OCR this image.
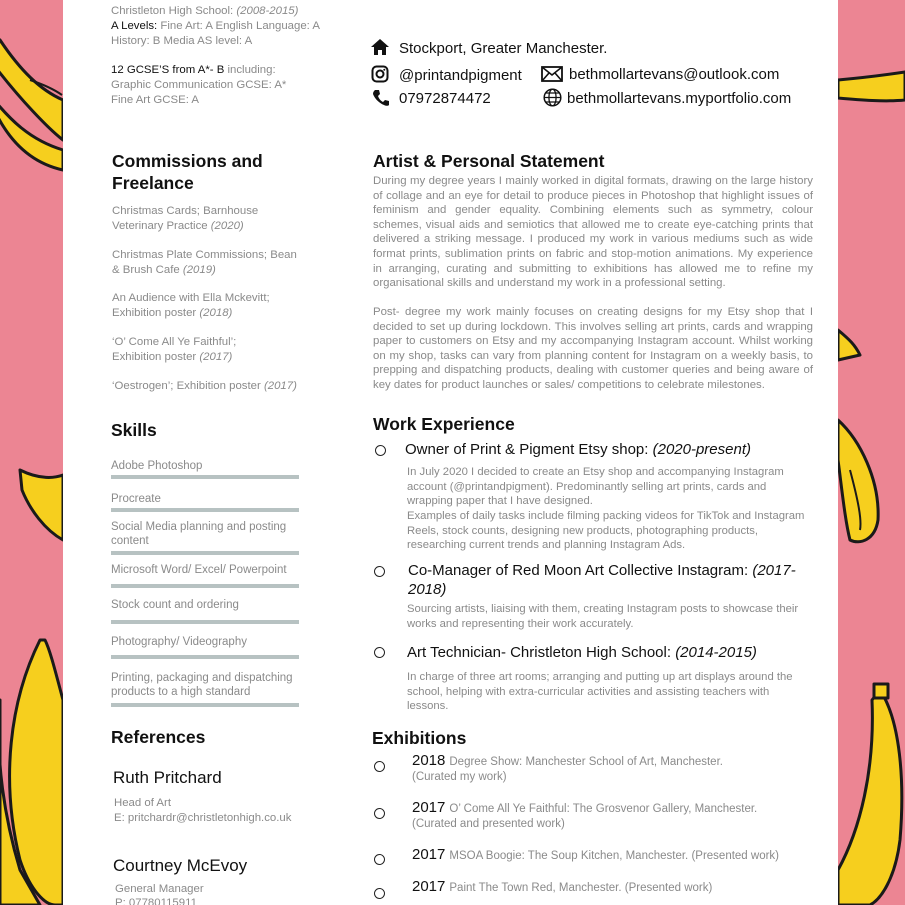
Christleton High School: (2008-2015)
A Levels: Fine Art: A English Language: A
History: B Media AS level: A
12 GCSE’S from A*- B including:
Graphic Communication GCSE: A*
Fine Art GCSE: A
Stockport, Greater Manchester.
@printandpigment	bethmollartevans@outlook.com
07972874472	bethmollartevans.myportfolio.com
Commissions and
Freelance
Christmas Cards; Barnhouse
Veterinary Practice (2020)
Christmas Plate Commissions; Bean
& Brush Cafe (2019)
An Audience with Ella Mckevitt;
Exhibition poster (2018)
‘O’ Come All Ye Faithful’;
Exhibition poster (2017)
‘Oestrogen’; Exhibition poster (2017)
Skills
Adobe Photoshop
Procreate
Social Media planning and posting content
Microsoft Word/ Excel/ Powerpoint
Stock count and ordering
Photography/ Videography
Printing, packaging and dispatching products to a high standard
References
Ruth Pritchard
Head of Art
E: pritchardr@christletonhigh.co.uk
Courtney McEvoy
General Manager
P: 07780115911
Artist & Personal Statement
During my degree years I mainly worked in digital formats, drawing on the large history of collage and an eye for detail to produce pieces in Photoshop that highlight issues of feminism and gender equality. Combining elements such as symmetry, colour schemes, visual aids and semiotics that allowed me to create eye-catching prints that delivered a striking message. I produced my work in various mediums such as wide format prints, sublimation prints on fabric and stop-motion animations. My experience in arranging, curating and submitting to exhibitions has allowed me to refine my organisational skills and understand my work in a professional setting.
Post- degree my work mainly focuses on creating designs for my Etsy shop that I decided to set up during lockdown. This involves selling art prints, cards and wrapping paper to customers on Etsy and my accompanying Instagram account. Whilst working on my shop, tasks can vary from planning content for Instagram on a weekly basis, to prepping and dispatching products, dealing with customer queries and being aware of key dates for product launches or sales/ competitions to celebrate milestones.
Work Experience
Owner of Print & Pigment Etsy shop: (2020-present)
In July 2020 I decided to create an Etsy shop and accompanying Instagram account (@printandpigment). Predominantly selling art prints, cards and wrapping paper that I have designed.
Examples of daily tasks include filming packing videos for TikTok and Instagram Reels, stock counts, designing new products, photographing products, researching current trends and planning Instagram Ads.
Co-Manager of Red Moon Art Collective Instagram: (2017-2018)
Sourcing artists, liaising with them, creating Instagram posts to showcase their works and representing their work accurately.
Art Technician- Christleton High School: (2014-2015)
In charge of three art rooms; arranging and putting up art displays around the school, helping with extra-curricular activities and assisting teachers with lessons.
Exhibitions
2018 Degree Show: Manchester School of Art, Manchester.
(Curated my work)
2017 O’ Come All Ye Faithful: The Grosvenor Gallery, Manchester.
(Curated and presented work)
2017 MSOA Boogie: The Soup Kitchen, Manchester. (Presented work)
2017 Paint The Town Red, Manchester. (Presented work)
